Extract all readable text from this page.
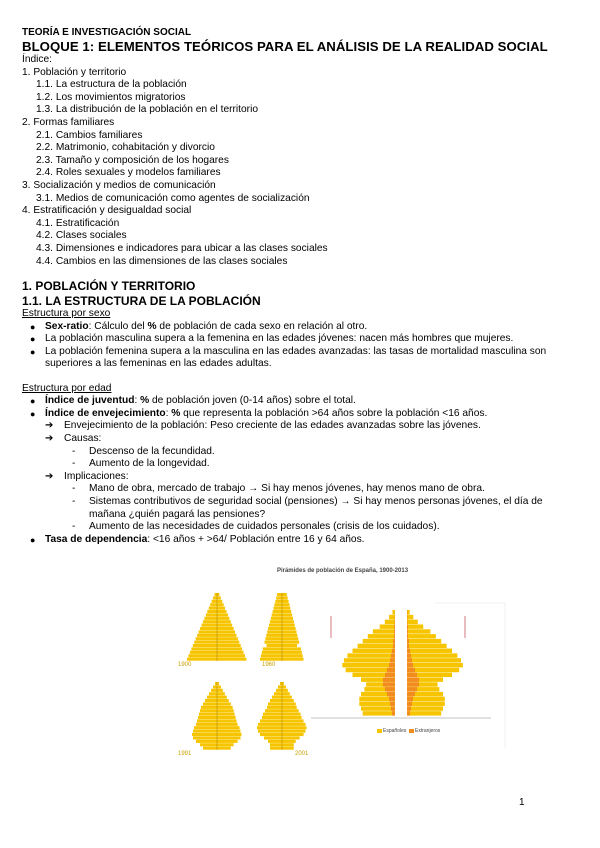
TEORÍA E INVESTIGACIÓN SOCIAL
BLOQUE 1: ELEMENTOS TEÓRICOS PARA EL ANÁLISIS DE LA REALIDAD SOCIAL
Índice:
1. Población y territorio
1.1. La estructura de la población
1.2. Los movimientos migratorios
1.3. La distribución de la población en el territorio
2. Formas familiares
2.1. Cambios familiares
2.2. Matrimonio, cohabitación y divorcio
2.3. Tamaño y composición de los hogares
2.4. Roles sexuales y modelos familiares
3. Socialización y medios de comunicación
3.1. Medios de comunicación como agentes de socialización
4. Estratificación y desigualdad social
4.1. Estratificación
4.2. Clases sociales
4.3. Dimensiones e indicadores para ubicar a las clases sociales
4.4. Cambios en las dimensiones de las clases sociales
1. POBLACIÓN Y TERRITORIO
1.1. LA ESTRUCTURA DE LA POBLACIÓN
Estructura por sexo
● Sex-ratio: Cálculo del % de población de cada sexo en relación al otro.
● La población masculina supera a la femenina en las edades jóvenes: nacen más hombres que mujeres.
● La población femenina supera a la masculina en las edades avanzadas: las tasas de mortalidad masculina son superiores a las femeninas en las edades adultas.
Estructura por edad
● Índice de juventud: % de población joven (0-14 años) sobre el total.
● Índice de envejecimiento: % que representa la población >64 años sobre la población <16 años.
➔ Envejecimiento de la población: Peso creciente de las edades avanzadas sobre las jóvenes.
➔ Causas:
- Descenso de la fecundidad.
- Aumento de la longevidad.
➔ Implicaciones:
- Mano de obra, mercado de trabajo → Si hay menos jóvenes, hay menos mano de obra.
- Sistemas contributivos de seguridad social (pensiones) → Si hay menos personas jóvenes, el día de mañana ¿quién pagará las pensiones?
- Aumento de las necesidades de cuidados personales (crisis de los cuidados).
● Tasa de dependencia: <16 años + >64/ Población entre 16 y 64 años.
Pirámides de población de España, 1900-2013
1900	1960
1991	2001
Españoles Extranjeros
1
